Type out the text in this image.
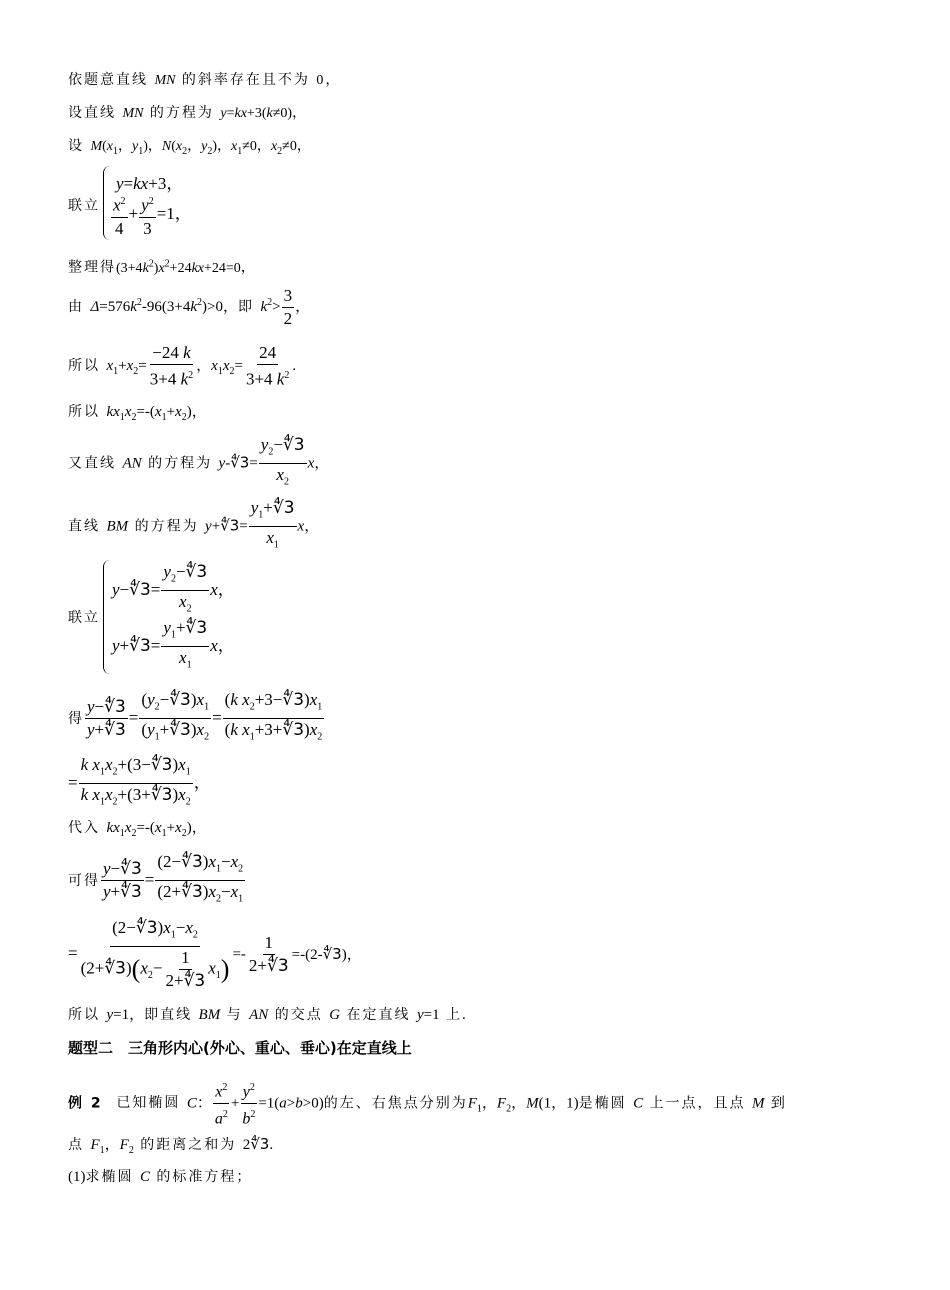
依题意直线 MN 的斜率存在且不为 0，
设直线 MN 的方程为 y=kx+3(k≠0)，
设 $M(x_1$，$y_1$)，$N(x_2$，$y_2$)，$x_1\ne 0$，$x_2\ne 0$，
联立
y=kx+3，
$\frac{x^2}{4} + \frac{y^2}{3} =1$，
整理得$(3+4k^2)x^2+24kx+24=0$，
由 $\Delta=576k^2-96(3+4k^2)>0$，即 $k^2> \frac{3}{2}$ ，
所以 $x_1+x_2= \frac{-24 k}{3+4 k^2}$ ，$x_1x_2= \frac{24}{3+4 k^2}$ .
所以 $kx_1x_2=-(x_1+x_2)$，
又直线 AN 的方程为 y-∜3= $\frac{y_2-∜3}{x_2}$ x，
直线 BM 的方程为 y+∜3= $\frac{y_1+∜3}{x_1}$ x，
联立
y−∜3= $\frac{y_2-∜3}{x_2}$ x，
y+∜3= $\frac{y_1+∜3}{x_1}$ x，
得 $\frac{y-∜3}{y+∜3} = \frac{(y_2-∜3)x_1}{(y_1+∜3)x_2} = \frac{(k x_2+3-∜3)x_1}{(k x_1+3+∜3)x_2}$
= $\frac{k x_1x_2+(3-∜3)x_1}{k x_1x_2+(3+∜3)x_2}$ ，
代入 $kx_1x_2=-(x_1+x_2)$，
可得 $\frac{y-∜3}{y+∜3} = \frac{(2-∜3)x_1-x_2}{(2+∜3)x_2-x_1}$
= $\frac{(2-∜3)x_1-x_2}{(2+∜3)(x_2- \frac{1}{2+∜3} x_1)} =- \frac{1}{2+∜3}$ =-(2-∜3)，
所以 y=1，即直线 BM 与 AN 的交点 G 在定直线 y=1 上.
题型二　三角形内心(外心、重心、垂心)在定直线上
例 2 已知椭圆 C： $\frac{x^2}{a^2} + \frac{y^2}{b^2} =1(a>b>0)$的左、右焦点分别为$F_1$，$F_2$，M(1，1)是椭圆 C 上一点，且点 M 到
点 $F_1$，$F_2$ 的距离之和为 2∜3.
(1)求椭圆 C 的标准方程；
